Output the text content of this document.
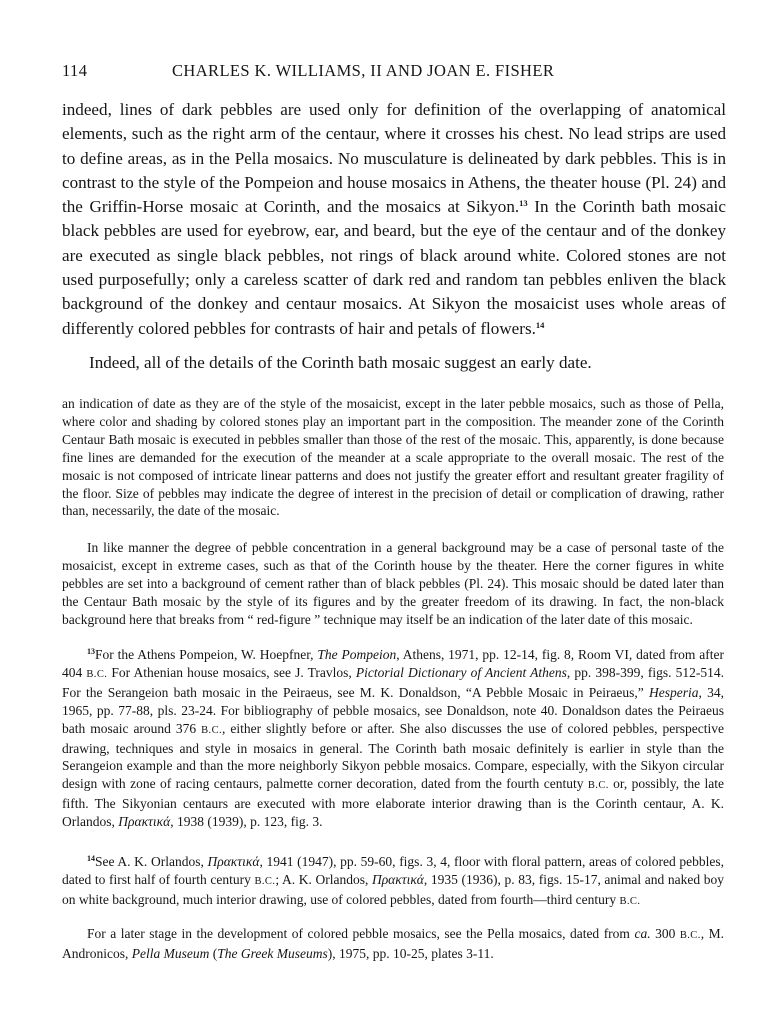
114	CHARLES K. WILLIAMS, II AND JOAN E. FISHER

indeed, lines of dark pebbles are used only for definition of the overlapping of anatomical elements, such as the right arm of the centaur, where it crosses his chest. No lead strips are used to define areas, as in the Pella mosaics. No musculature is delineated by dark pebbles. This is in contrast to the style of the Pompeion and house mosaics in Athens, the theater house (Pl. 24) and the Griffin-Horse mosaic at Corinth, and the mosaics at Sikyon.$^{13}$ In the Corinth bath mosaic black pebbles are used for eyebrow, ear, and beard, but the eye of the centaur and of the donkey are executed as single black pebbles, not rings of black around white. Colored stones are not used purposefully; only a careless scatter of dark red and random tan pebbles enliven the black background of the donkey and centaur mosaics. At Sikyon the mosaicist uses whole areas of differently colored pebbles for contrasts of hair and petals of flowers.$^{14}$

Indeed, all of the details of the Corinth bath mosaic suggest an early date.

an indication of date as they are of the style of the mosaicist, except in the later pebble mosaics, such as those of Pella, where color and shading by colored stones play an important part in the composition. The meander zone of the Corinth Centaur Bath mosaic is executed in pebbles smaller than those of the rest of the mosaic. This, apparently, is done because fine lines are demanded for the execution of the meander at a scale appropriate to the overall mosaic. The rest of the mosaic is not composed of intricate linear patterns and does not justify the greater effort and resultant greater fragility of the floor. Size of pebbles may indicate the degree of interest in the precision of detail or complication of drawing, rather than, necessarily, the date of the mosaic.

In like manner the degree of pebble concentration in a general background may be a case of personal taste of the mosaicist, except in extreme cases, such as that of the Corinth house by the theater. Here the corner figures in white pebbles are set into a background of cement rather than of black pebbles (Pl. 24). This mosaic should be dated later than the Centaur Bath mosaic by the style of its figures and by the greater freedom of its drawing. In fact, the non-black background here that breaks from “ red-figure ” technique may itself be an indication of the later date of this mosaic.

$^{13}$For the Athens Pompeion, W. Hoepfner, The Pompeion, Athens, 1971, pp. 12-14, fig. 8, Room VI, dated from after 404 B.C. For Athenian house mosaics, see J. Travlos, Pictorial Dictionary of Ancient Athens, pp. 398-399, figs. 512-514. For the Serangeion bath mosaic in the Peiraeus, see M. K. Donaldson, “A Pebble Mosaic in Peiraeus,” Hesperia, 34, 1965, pp. 77-88, pls. 23-24. For bibliography of pebble mosaics, see Donaldson, note 40. Donaldson dates the Peiraeus bath mosaic around 376 B.C., either slightly before or after. She also discusses the use of colored pebbles, perspective drawing, techniques and style in mosaics in general. The Corinth bath mosaic definitely is earlier in style than the Serangeion example and than the more neighborly Sikyon pebble mosaics. Compare, especially, with the Sikyon circular design with zone of racing centaurs, palmette corner decoration, dated from the fourth centuty B.C. or, possibly, the late fifth. The Sikyonian centaurs are executed with more elaborate interior drawing than is the Corinth centaur, A. K. Orlandos, Πρακτικά, 1938 (1939), p. 123, fig. 3.

$^{14}$See A. K. Orlandos, Πρακτικά, 1941 (1947), pp. 59-60, figs. 3, 4, floor with floral pattern, areas of colored pebbles, dated to first half of fourth century B.C.; A. K. Orlandos, Πρακτικά, 1935 (1936), p. 83, figs. 15-17, animal and naked boy on white background, much interior drawing, use of colored pebbles, dated from fourth—third century B.C.

For a later stage in the development of colored pebble mosaics, see the Pella mosaics, dated from ca. 300 B.C., M. Andronicos, Pella Museum (The Greek Museums), 1975, pp. 10-25, plates 3-11.
